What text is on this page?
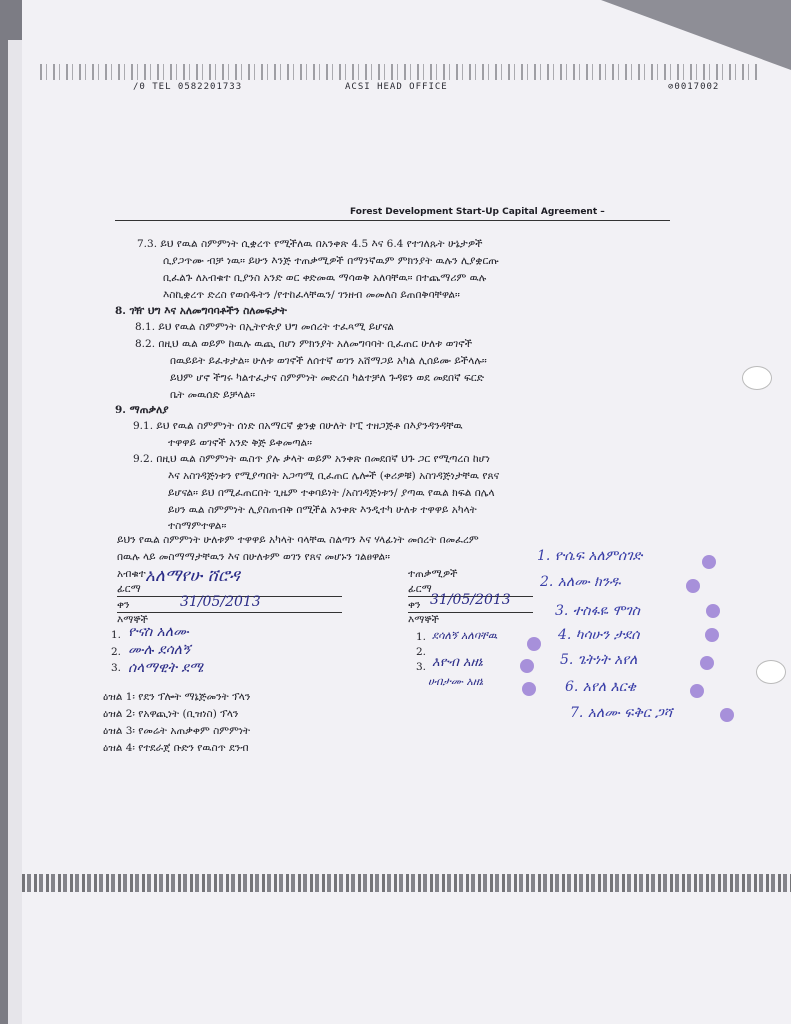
/0 TEL 0582201733	ACSI HEAD OFFICE	⊘0017002
Forest Development Start-Up Capital Agreement –
7.3. ይህ የዉል ስምምነት ሲቋረጥ የሚችለዉ በአንቀጽ 4.5 እና 6.4 የተገለጹት ሁኔታዎች
ሲያጋጥሙ ብቻ ነዉ። ይሁን እንጅ ተጠቃሚዎች በማንኛዉም ምክንያት ዉሉን ሊያቋርጡ
ቢፈልጉ ለአብቁተ ቢያንስ አንድ ወር ቀድመዉ ማሳወቅ አለባቸዉ። በተጨማሪም ዉሉ
እስኪቋረጥ ድረስ የወሰዱትን /የተከፈላቸዉን/ ገንዘብ መመለስ ይጠበቅባቸዋል።
8. ገዥ ህግ እና አለመግባባቶችን ስለመፍታት
8.1. ይህ የዉል ስምምነት በኢትዮጵያ ህግ መሰረት ተፈጻሚ ይሆናል
8.2. በዚህ ዉል ወይም ከዉሉ ዉጪ በሆነ ምክንያት አለመግባባት ቢፈጠር ሁለቱ ወገኖች
በዉይይት ይፈቱታል። ሁለቱ ወገኖች ለሰተኛ ወገን አሸማጋይ አካል ሊሰይሙ ይችላሉ።
ይህም ሆኖ ችግሩ ካልተፈታና ስምምነት መድረስ ካልተቻለ ጉዳዩን ወደ መደበኛ ፍርድ
ቤት መዉሰድ ይቻላል።
9. ማጠቃለያ
9.1. ይህ የዉል ስምምነት ሰነድ በአማርኛ ቋንቋ በሁለት ኮፒ ተዘጋጅቶ በእያንዳንዳቸዉ
ተዋዋይ ወገኖች አንድ ቅጅ ይቀመጣል።
9.2. በዚህ ዉል ስምምነት ዉስጥ ያሉ ቃላት ወይም አንቀጽ በመደበኛ ህጉ ጋር የሚጣረስ ከሆነ
እና አስገዳጅነቱን የሚያጣበት አጋጣሚ ቢፈጠር ሌሎች (ቀሪዎቹ) አስገዳጅነታቸዉ የጸና
ይሆናል። ይህ በሚፈጠርበት ጊዜም ተቀባይነት /አስገዳጅነቱን/ ያጣዉ የዉል ክፍል በሌላ
ይሀን ዉል ስምምነት ሊያስጠብቅ በሚችል አንቀጽ እንዲተካ ሁለቱ ተዋዋይ አካላት
ተስማምተዋል።
ይህን የዉል ስምምነት ሁለቱም ተዋዋይ አካላት ባላቸዉ ስልጣን እና ሃላፊነት መሰረት በመፈረም
በዉሉ ላይ መስማማታቸዉን እና በሁለቱም ወገን የጸና መሆኑን ገልፀዋል።
አብቁተ
ፊርማ
አለማየሁ ሸሮዳ
ቀን	31/05/2013
እማኞች
1. ዮናስ አለሙ
2. ሙሉ ደሳለኝ
3. ሰላማዊት ደሜ
ዕዝል 1፡ የደን ፕሎት ማኔጅመንት ፕላን
ዕዝል 2፡ የአዋጪነት (ቢዝነስ) ፕላን
ዕዝል 3፡ የመሬት አጠቃቀም ስምምነት
ዕዝል 4፡ የተደራጀ ቡድን የዉስጥ ደንብ
ተጠቃሚዎች
ፊርማ
ቀን 31/05/2013
እማኞች
1. ደሳለኝ አለባቸዉ
2.
3. እዮብ አዘኔ
ሀብታሙ አዘኔ
1. ዮሴፍ አለምሰገድ
2. አለሙ ክንዱ
3. ተስፋዬ ሞገስ
4. ካሳሁን ታደሰ
5. ጌትነት አየለ
6. አየለ እርቄ
7. አለሙ ፍቅር ጋሻ
